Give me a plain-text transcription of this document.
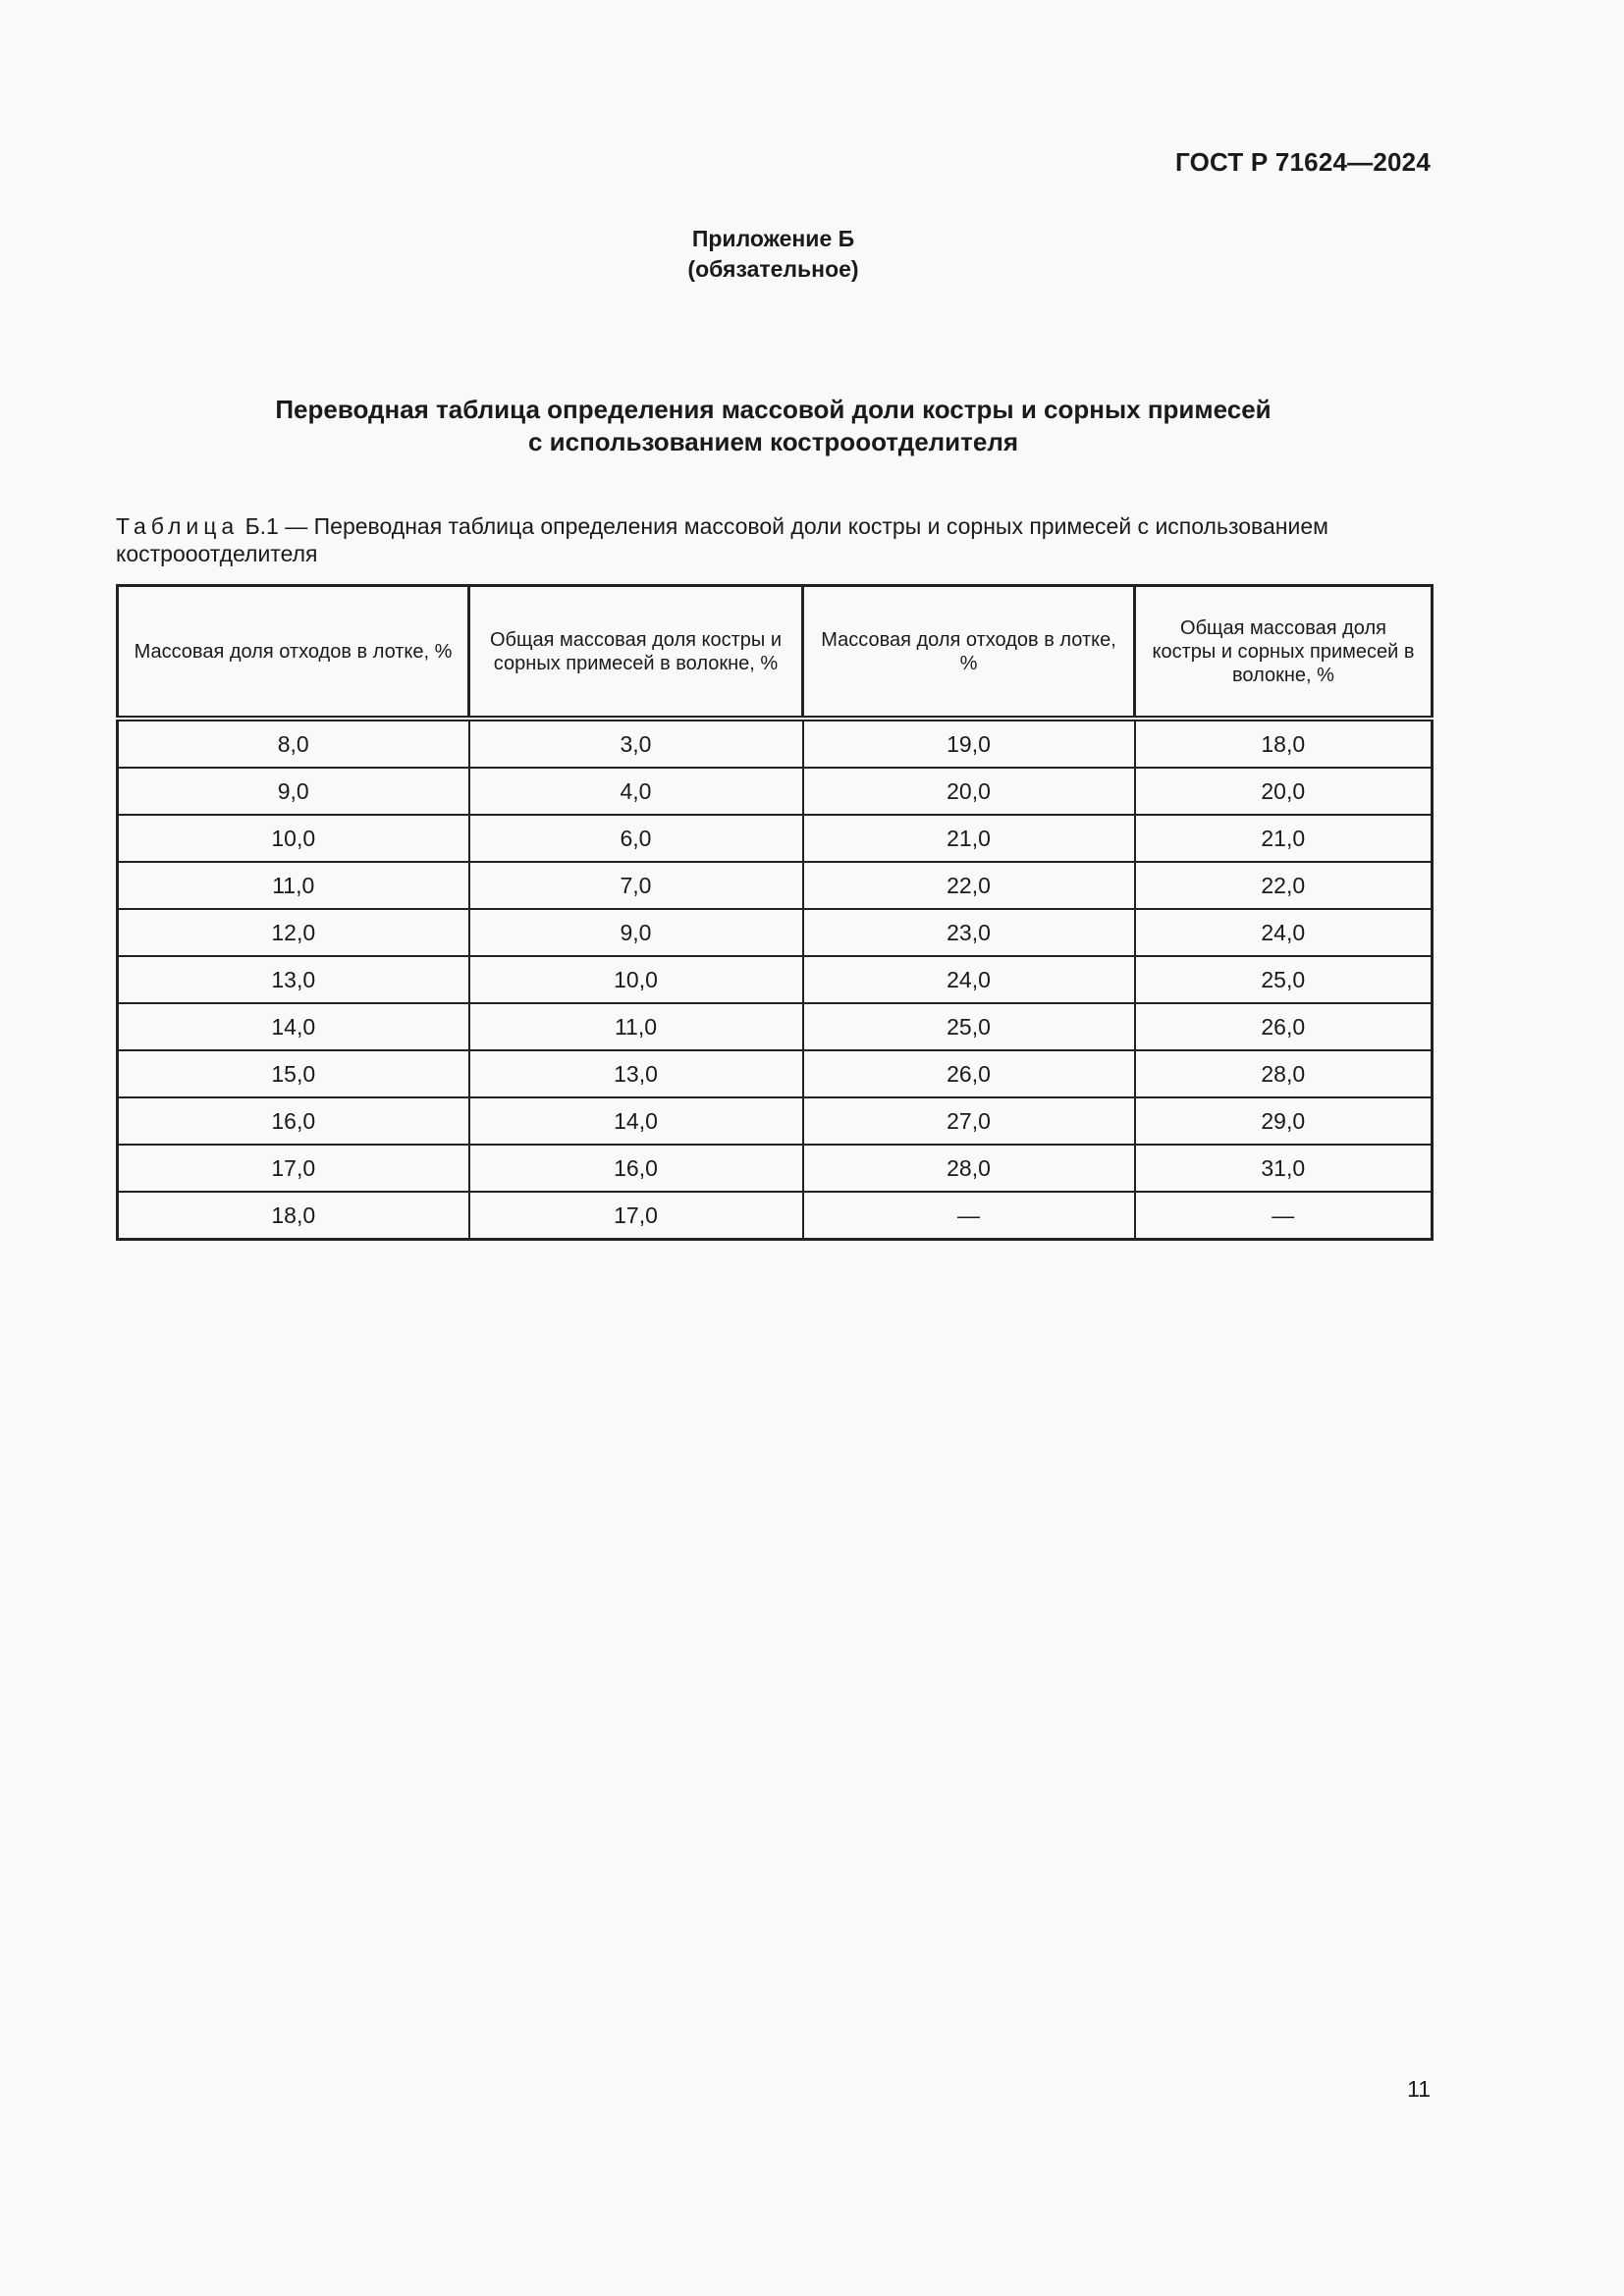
ГОСТ Р 71624—2024
Приложение Б
(обязательное)
Переводная таблица определения массовой доли костры и сорных примесей
с использованием кострооотделителя
Таблица Б.1 — Переводная таблица определения массовой доли костры и сорных примесей с использованием кострооотделителя
Массовая доля отходов в лотке, %	Общая массовая доля костры и сорных примесей в волокне, %	Массовая доля отходов в лотке, %	Общая массовая доля костры и сорных примесей в волокне, %
8,0	3,0	19,0	18,0
9,0	4,0	20,0	20,0
10,0	6,0	21,0	21,0
11,0	7,0	22,0	22,0
12,0	9,0	23,0	24,0
13,0	10,0	24,0	25,0
14,0	11,0	25,0	26,0
15,0	13,0	26,0	28,0
16,0	14,0	27,0	29,0
17,0	16,0	28,0	31,0
18,0	17,0	—	—
11
